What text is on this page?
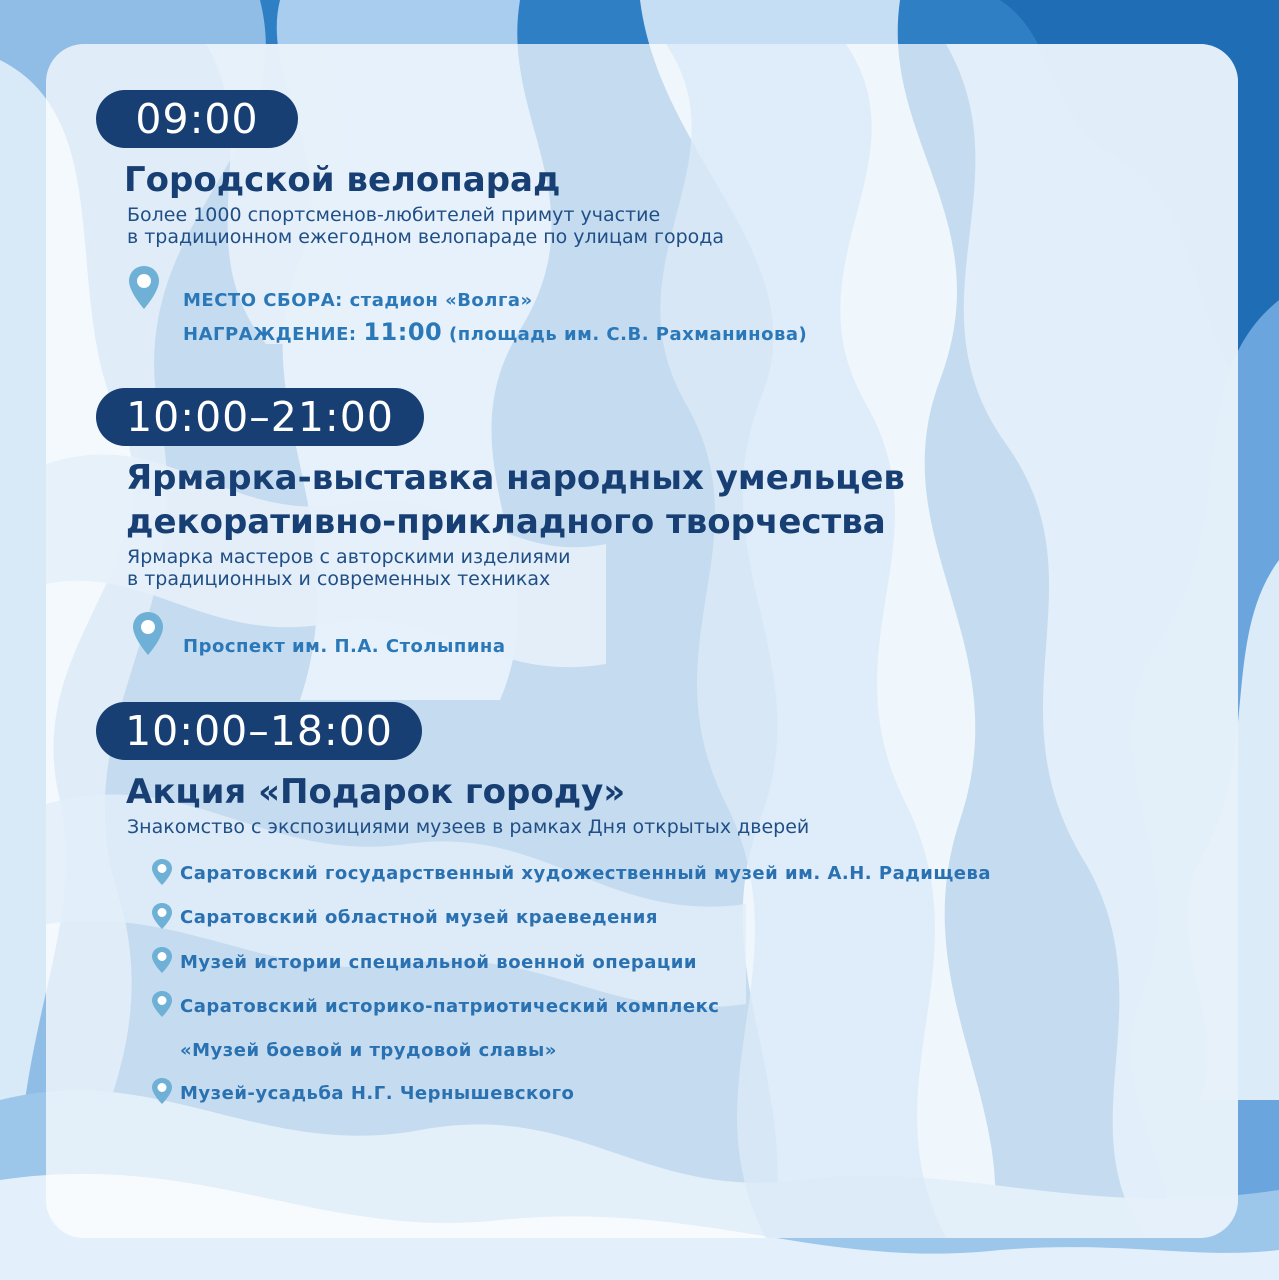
09:00
Городской велопарад
Более 1000 спортсменов-любителей примут участие
в традиционном ежегодном велопараде по улицам города
МЕСТО СБОРА: стадион «Волга»
НАГРАЖДЕНИЕ: 11:00 (площадь им. С.В. Рахманинова)
10:00–21:00
Ярмарка-выставка народных умельцев
декоративно-прикладного творчества
Ярмарка мастеров с авторскими изделиями
в традиционных и современных техниках
Проспект им. П.А. Столыпина
10:00–18:00
Акция «Подарок городу»
Знакомство с экспозициями музеев в рамках Дня открытых дверей
Саратовский государственный художественный музей им. А.Н. Радищева
Саратовский областной музей краеведения
Музей истории специальной военной операции
Саратовский историко-патриотический комплекс
«Музей боевой и трудовой славы»
Музей-усадьба Н.Г. Чернышевского
